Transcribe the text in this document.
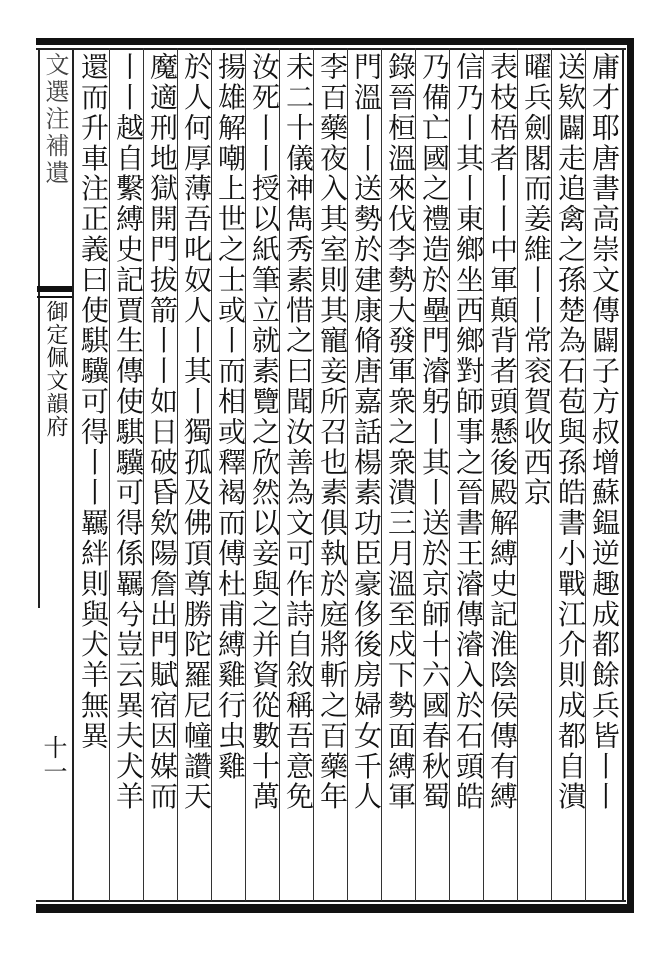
文選注補遺
御定佩文韻府
十一	庸才耶唐書高崇文傳闢子方叔增蘇鎾逆趣成都餘兵皆丨丨
送欵闢走追禽之孫楚為石苞與孫皓書小戰江介則成都自潰
曜兵劍閣而姜維丨丨常衮賀收西京
表枝梧者丨丨中軍顛背者頭懸後殿解縛史記淮陰侯傳有縛
信乃丨其丨東鄉坐西鄉對師事之晉書王濬傳濬入於石頭皓
乃備亡國之禮造於壘門濬躬丨其丨送於京師十六國春秋蜀
錄晉桓溫來伐李勢大發軍衆之衆潰三月溫至戍下勢面縛軍
門溫丨丨送勢於建康脩唐嘉話楊素功臣豪侈後房婦女千人
李百藥夜入其室則其寵妾所召也素俱執於庭將斬之百藥年
未二十儀神雋秀素惜之曰聞汝善為文可作詩自敘稱吾意免
汝死丨丨授以紙筆立就素覽之欣然以妾與之并資從數十萬
揚雄解嘲上世之士或丨而相或釋褐而傅杜甫縛雞行虫雞
於人何厚薄吾叱奴人丨其丨獨孤及佛頂尊勝陀羅尼幢讚天
魔適刑地獄開門拔箭丨丨如日破昏欸陽詹出門賦宿因媒而
丨丨越自繫縛史記賈生傳使騏驥可得係羈兮豈云異夫犬羊
還而升車注正義曰使騏驥可得丨丨羈絆則與犬羊無異
